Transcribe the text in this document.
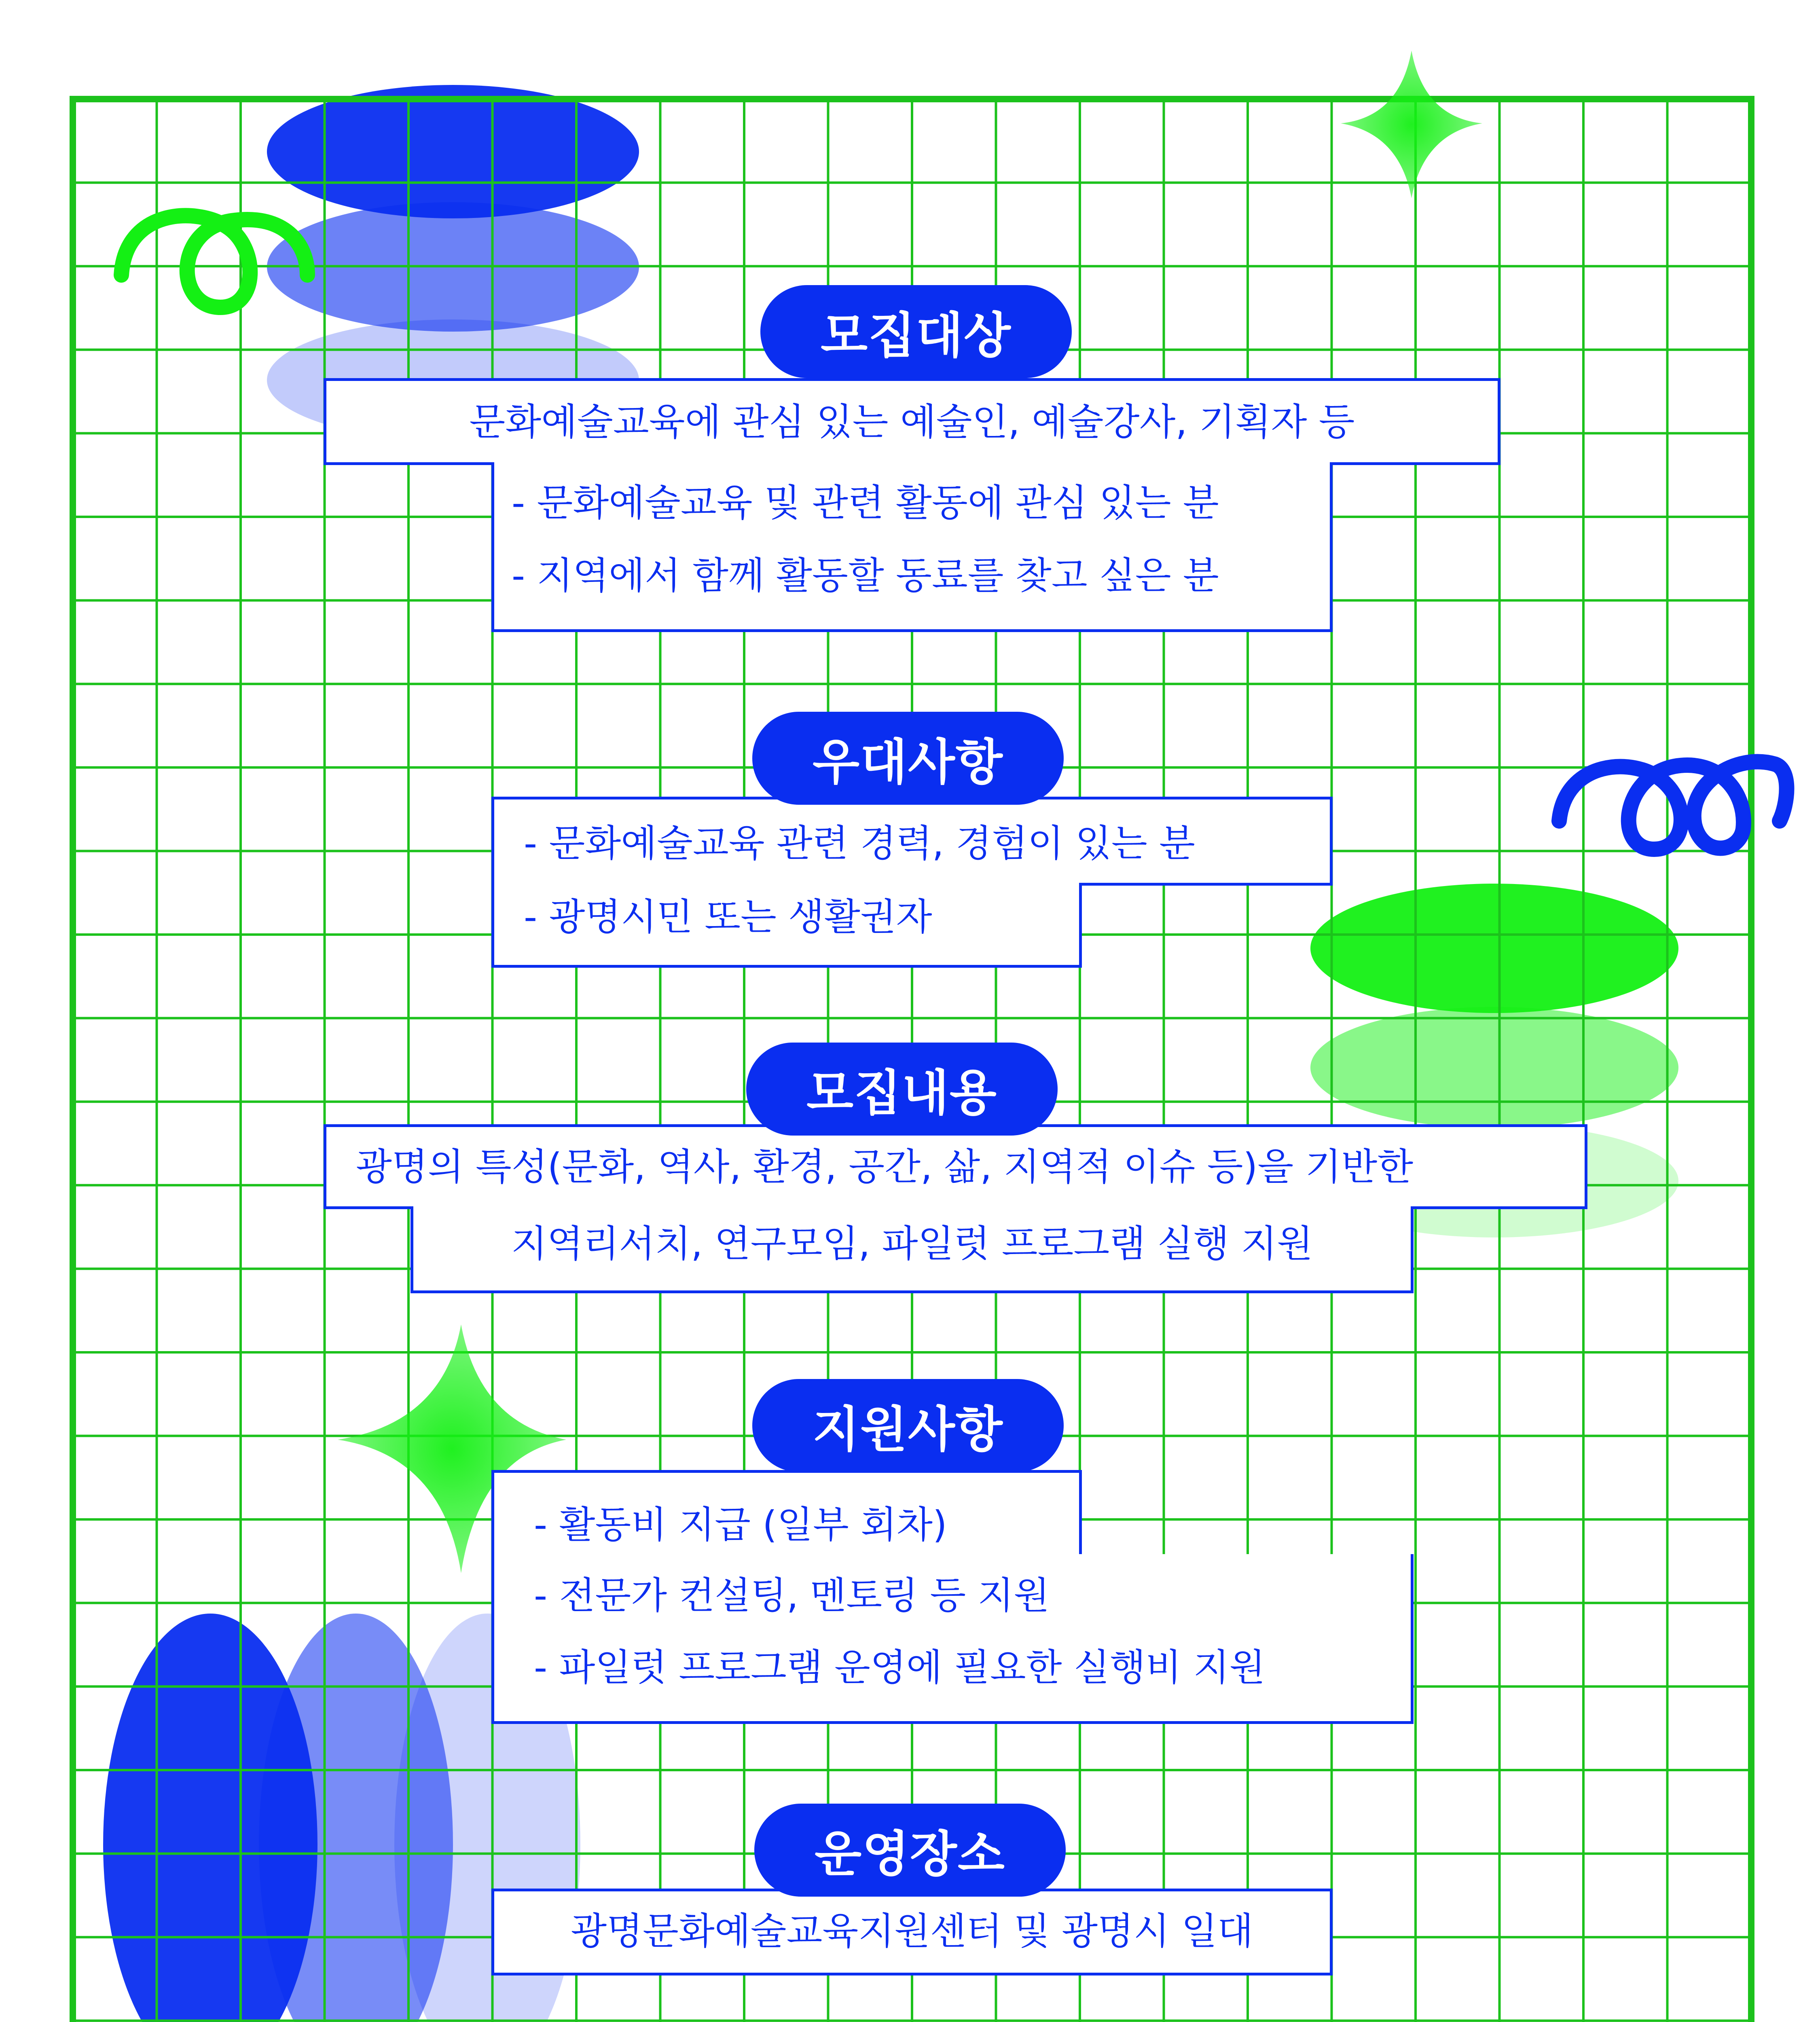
모집대상
문화예술교육에 관심 있는 예술인, 예술강사, 기획자 등
- 문화예술교육 및 관련 활동에 관심 있는 분
- 지역에서 함께 활동할 동료를 찾고 싶은 분
우대사항
- 문화예술교육 관련 경력, 경험이 있는 분
- 광명시민 또는 생활권자
모집내용
광명의 특성(문화, 역사, 환경, 공간, 삶, 지역적 이슈 등)을 기반한
지역리서치, 연구모임, 파일럿 프로그램 실행 지원
지원사항
- 활동비 지급 (일부 회차)
- 전문가 컨설팅, 멘토링 등 지원
- 파일럿 프로그램 운영에 필요한 실행비 지원
운영장소
광명문화예술교육지원센터 및 광명시 일대
